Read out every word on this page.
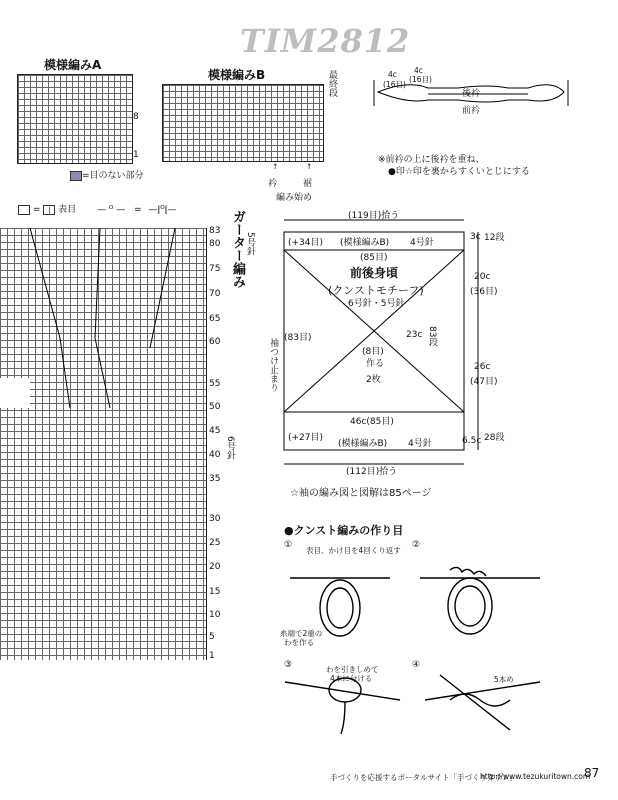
TIM2812
模様編みA
8
1
=目のない部分
模様編みB	最終段
↑	↑
衿	裾
編み始め
4c
(16目)
4c
(16目)
後衿
前衿
※前衿の上に後衿を重ね、
●印☆印を裏からすくいとじにする
= | 表目 — ᴼ — = —ǀᴼǀ—	ガーター編み 5号針
6号針
83
80
75
70
65
60
55
50
45
40
35
30
25
20
15
10
5
1
(119目)拾う
(+34目) (模様編みB) 4号針
(85目)
前後身頃
(クンストモチーフ)
6号針・5号針
(8目)
作る
2枚
23c 83段
(83目)
袖つけ止まり
46c(85目)
(+27目)
(模様編みB) 4号針
(112目)拾う
3c 12段
20c
(36目)
26c
(47目)
6.5c 28段
☆袖の編み図と図解は85ページ
●クンスト編みの作り目
①	②
③	④
表目、かけ目を4回くり返す
糸端で2重の
わを作る
わを引きしめて
4本に分ける	5本め
手づくりを応援するポータルサイト「手づくりタウン」
http://www.tezukuritown.com
87
